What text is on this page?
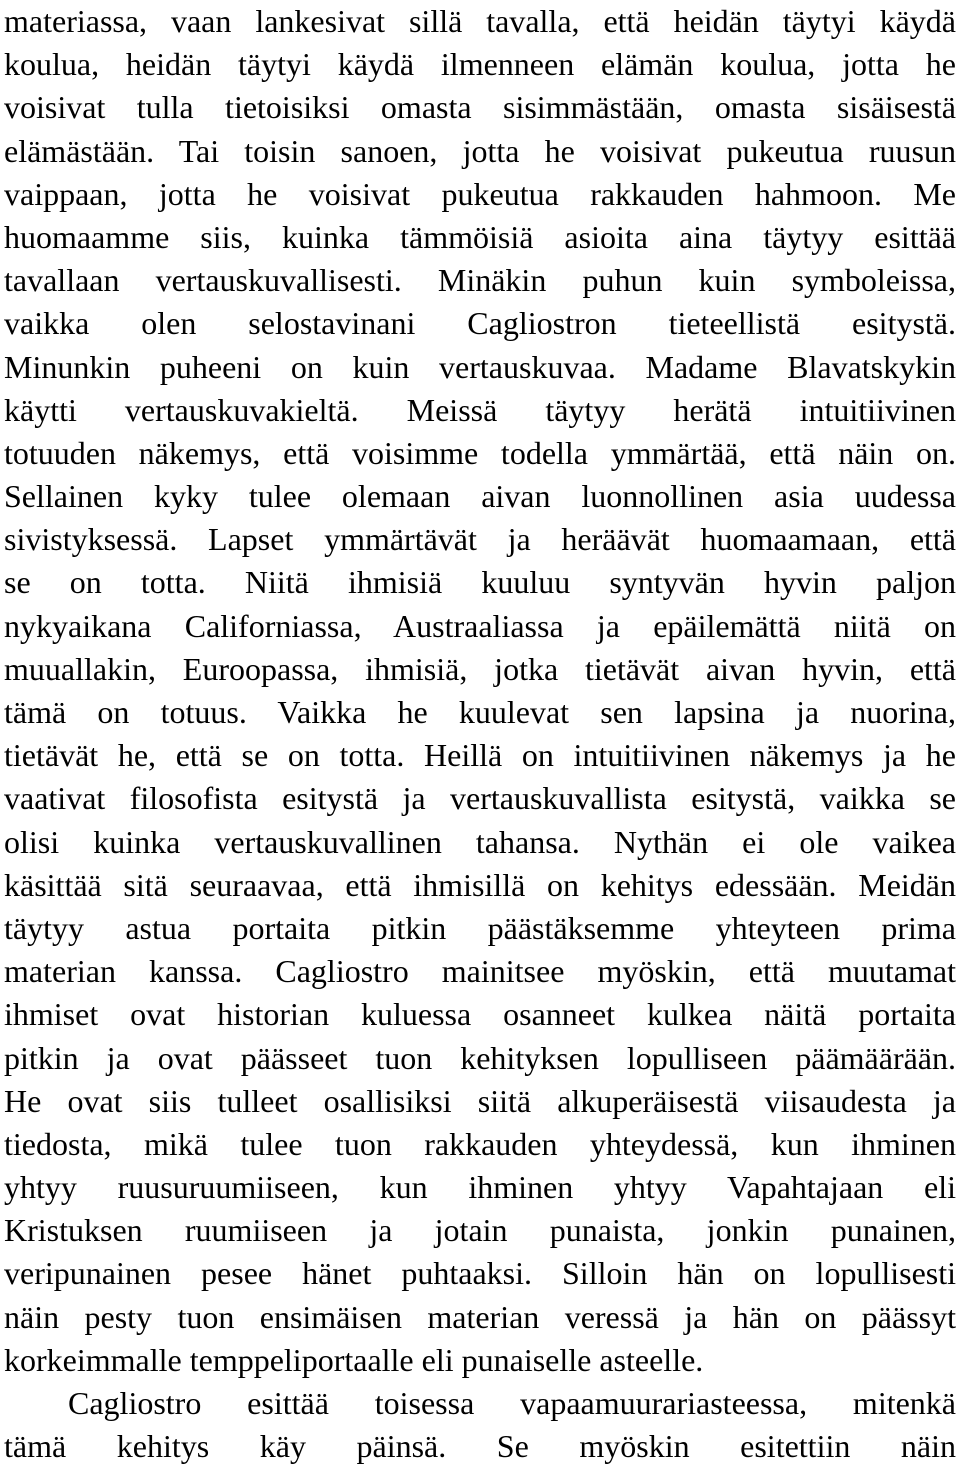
materiassa, vaan lankesivat sillä tavalla, että heidän täytyi käydä
koulua, heidän täytyi käydä ilmenneen elämän koulua, jotta he
voisivat tulla tietoisiksi omasta sisimmästään, omasta sisäisestä
elämästään. Tai toisin sanoen, jotta he voisivat pukeutua ruusun
vaippaan, jotta he voisivat pukeutua rakkauden hahmoon. Me
huomaamme siis, kuinka tämmöisiä asioita aina täytyy esittää
tavallaan vertauskuvallisesti. Minäkin puhun kuin symboleissa,
vaikka olen selostavinani Cagliostron tieteellistä esitystä.
Minunkin puheeni on kuin vertauskuvaa. Madame Blavatskykin
käytti vertauskuvakieltä. Meissä täytyy herätä intuitiivinen
totuuden näkemys, että voisimme todella ymmärtää, että näin on.
Sellainen kyky tulee olemaan aivan luonnollinen asia uudessa
sivistyksessä. Lapset ymmärtävät ja heräävät huomaamaan, että
se on totta. Niitä ihmisiä kuuluu syntyvän hyvin paljon
nykyaikana Californiassa, Austraaliassa ja epäilemättä niitä on
muuallakin, Euroopassa, ihmisiä, jotka tietävät aivan hyvin, että
tämä on totuus. Vaikka he kuulevat sen lapsina ja nuorina,
tietävät he, että se on totta. Heillä on intuitiivinen näkemys ja he
vaativat filosofista esitystä ja vertauskuvallista esitystä, vaikka se
olisi kuinka vertauskuvallinen tahansa. Nythän ei ole vaikea
käsittää sitä seuraavaa, että ihmisillä on kehitys edessään. Meidän
täytyy astua portaita pitkin päästäksemme yhteyteen prima
materian kanssa. Cagliostro mainitsee myöskin, että muutamat
ihmiset ovat historian kuluessa osanneet kulkea näitä portaita
pitkin ja ovat päässeet tuon kehityksen lopulliseen päämäärään.
He ovat siis tulleet osallisiksi siitä alkuperäisestä viisaudesta ja
tiedosta, mikä tulee tuon rakkauden yhteydessä, kun ihminen
yhtyy ruusuruumiiseen, kun ihminen yhtyy Vapahtajaan eli
Kristuksen ruumiiseen ja jotain punaista, jonkin punainen,
veripunainen pesee hänet puhtaaksi. Silloin hän on lopullisesti
näin pesty tuon ensimäisen materian veressä ja hän on päässyt
korkeimmalle temppeliportaalle eli punaiselle asteelle.
Cagliostro esittää toisessa vapaamuurariasteessa, mitenkä
tämä kehitys käy päinsä. Se myöskin esitettiin näin
